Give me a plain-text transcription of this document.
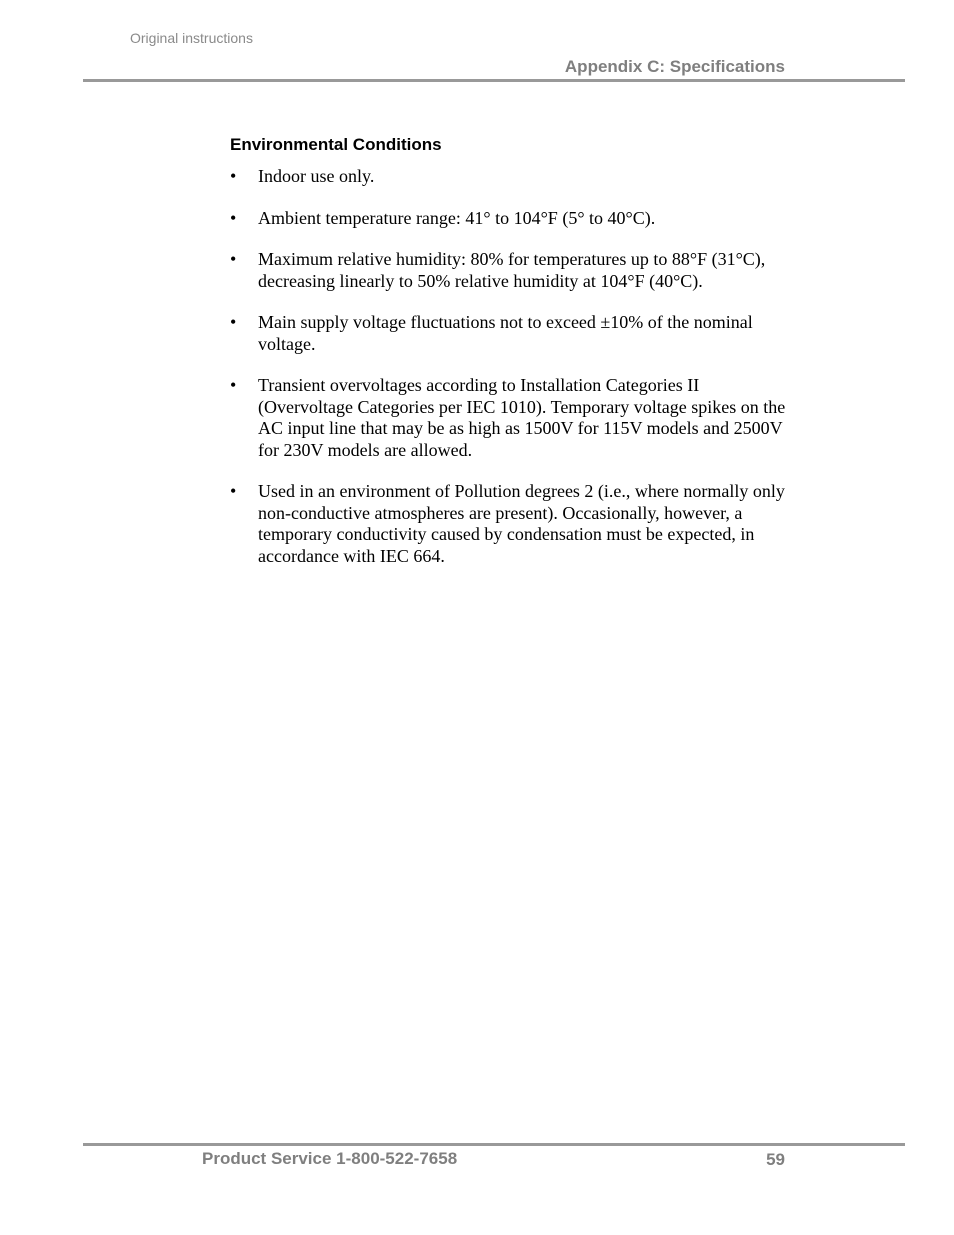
Original instructions
Appendix C: Specifications
Environmental Conditions
• Indoor use only.
• Ambient temperature range: 41° to 104°F (5° to 40°C).
• Maximum relative humidity: 80% for temperatures up to 88°F (31°C), decreasing linearly to 50% relative humidity at 104°F (40°C).
• Main supply voltage fluctuations not to exceed ±10% of the nominal voltage.
• Transient overvoltages according to Installation Categories II (Overvoltage Categories per IEC 1010). Temporary voltage spikes on the AC input line that may be as high as 1500V for 115V models and 2500V for 230V models are allowed.
• Used in an environment of Pollution degrees 2 (i.e., where normally only non-conductive atmospheres are present). Occasionally, however, a temporary conductivity caused by condensation must be expected, in accordance with IEC 664.
Product Service 1-800-522-7658	59
